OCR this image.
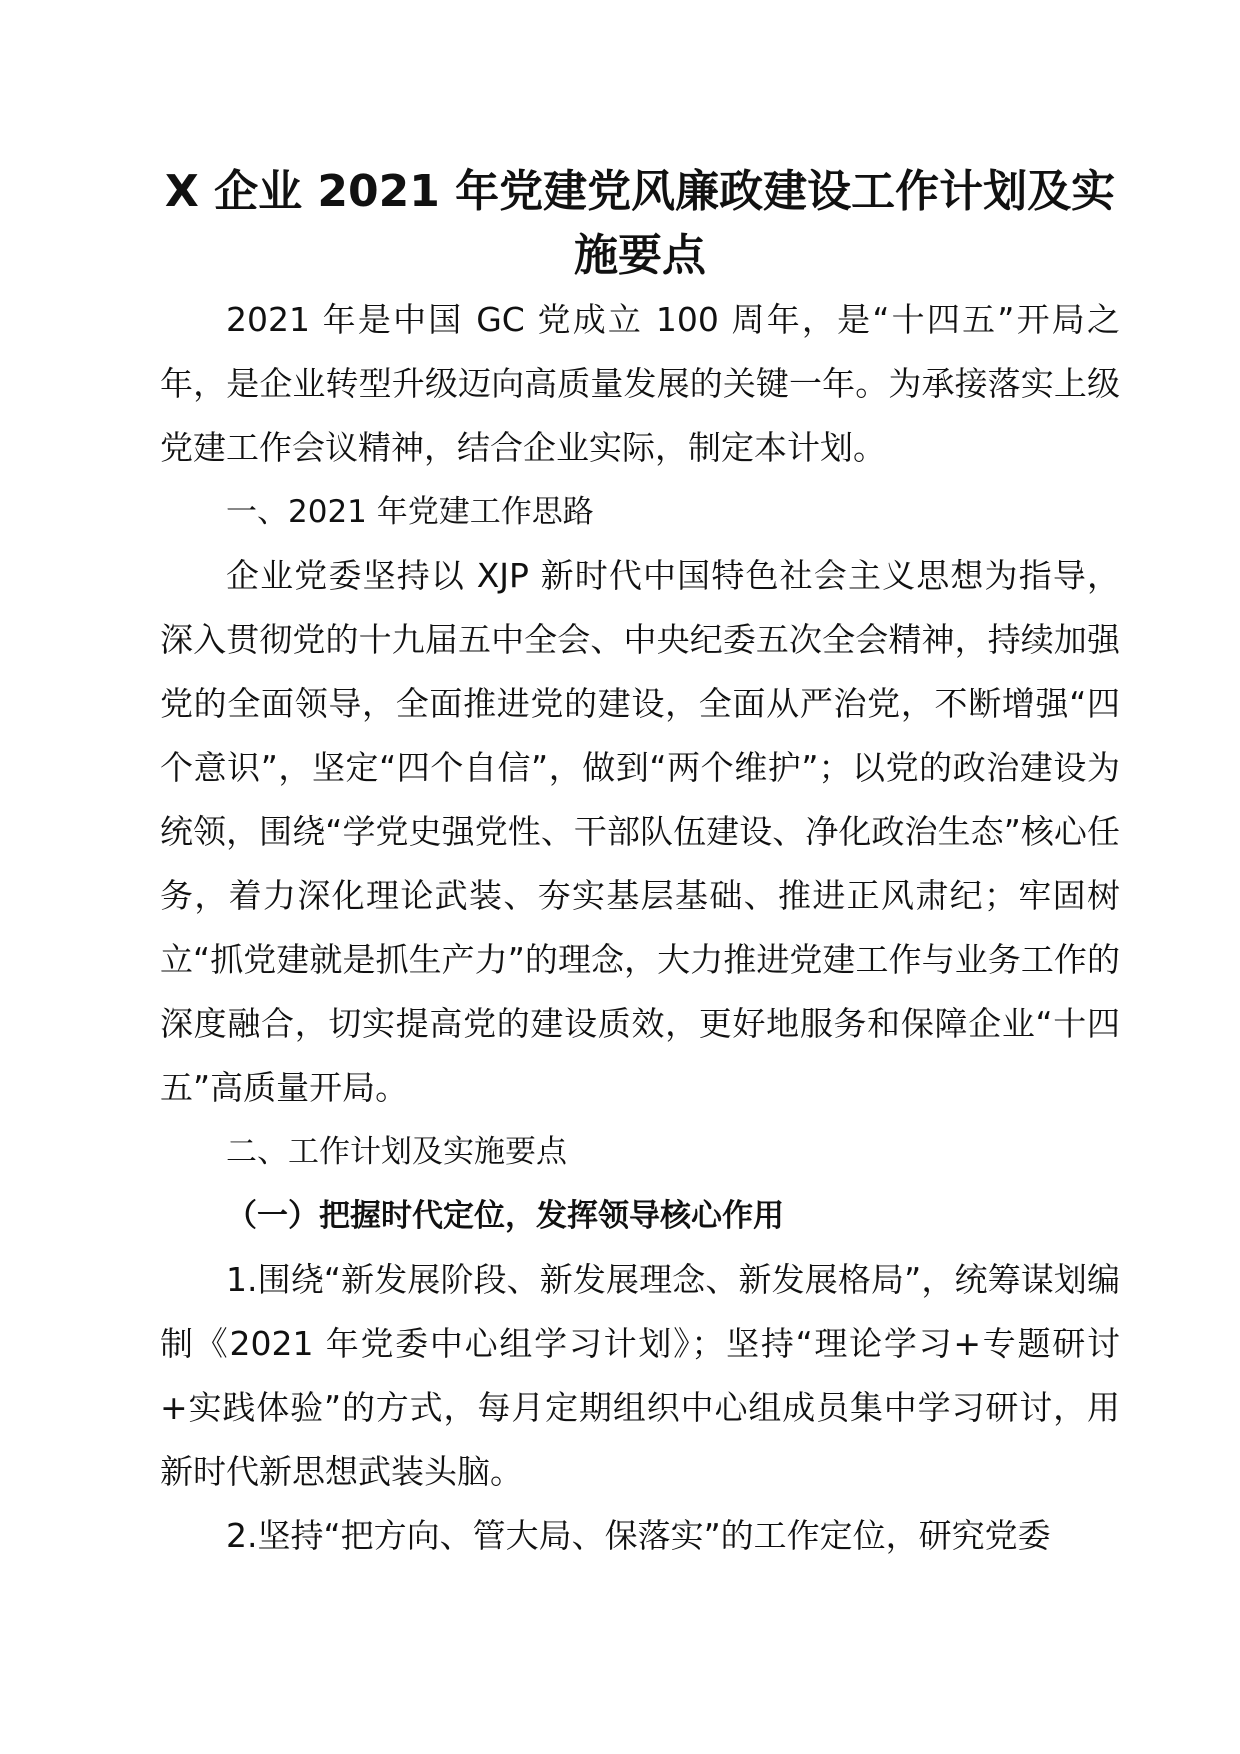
X 企业 2021 年党建党风廉政建设工作计划及实
施要点

2021 年是中国 GC 党成立 100 周年，是“十四五”开局之年，是企业转型升级迈向高质量发展的关键一年。为承接落实上级党建工作会议精神，结合企业实际，制定本计划。

一、2021 年党建工作思路

企业党委坚持以 XJP 新时代中国特色社会主义思想为指导，深入贯彻党的十九届五中全会、中央纪委五次全会精神，持续加强党的全面领导，全面推进党的建设，全面从严治党，不断增强“四个意识”，坚定“四个自信”，做到“两个维护”；以党的政治建设为统领，围绕“学党史强党性、干部队伍建设、净化政治生态”核心任务，着力深化理论武装、夯实基层基础、推进正风肃纪；牢固树立“抓党建就是抓生产力”的理念，大力推进党建工作与业务工作的深度融合，切实提高党的建设质效，更好地服务和保障企业“十四五”高质量开局。

二、工作计划及实施要点

（一）把握时代定位，发挥领导核心作用

1.围绕“新发展阶段、新发展理念、新发展格局”，统筹谋划编制《2021 年党委中心组学习计划》；坚持“理论学习+专题研讨+实践体验”的方式，每月定期组织中心组成员集中学习研讨，用新时代新思想武装头脑。

2.坚持“把方向、管大局、保落实”的工作定位，研究党委
